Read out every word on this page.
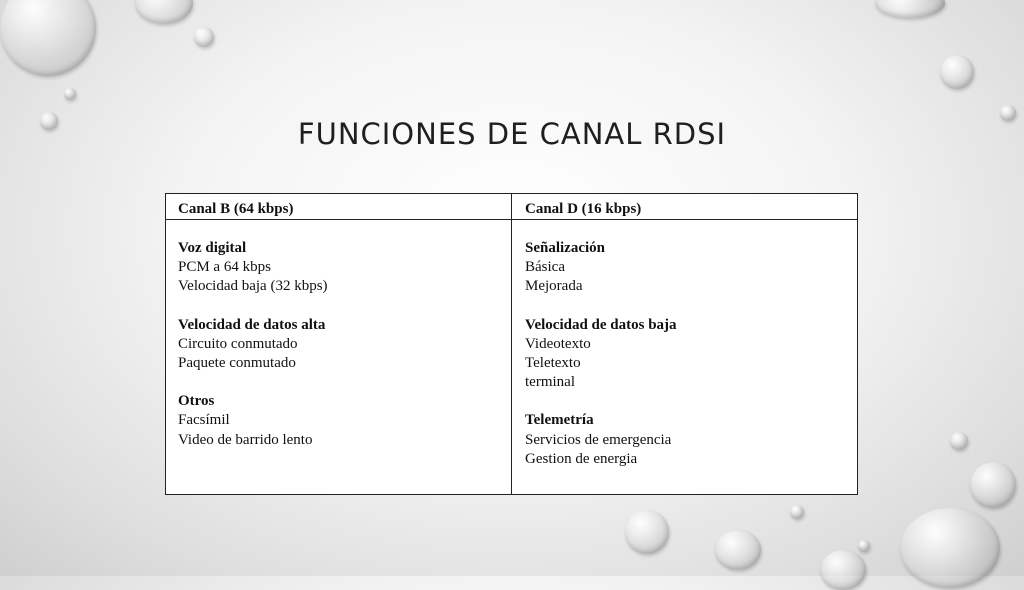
FUNCIONES DE CANAL RDSI
Canal B (64 kbps)	Canal D (16 kbps)
Voz digital
PCM a 64 kbps
Velocidad baja (32 kbps)
Velocidad de datos alta
Circuito conmutado
Paquete conmutado
Otros
Facsímil
Video de barrido lento
Señalización
Básica
Mejorada
Velocidad de datos baja
Videotexto
Teletexto
terminal
Telemetría
Servicios de emergencia
Gestion de energia
